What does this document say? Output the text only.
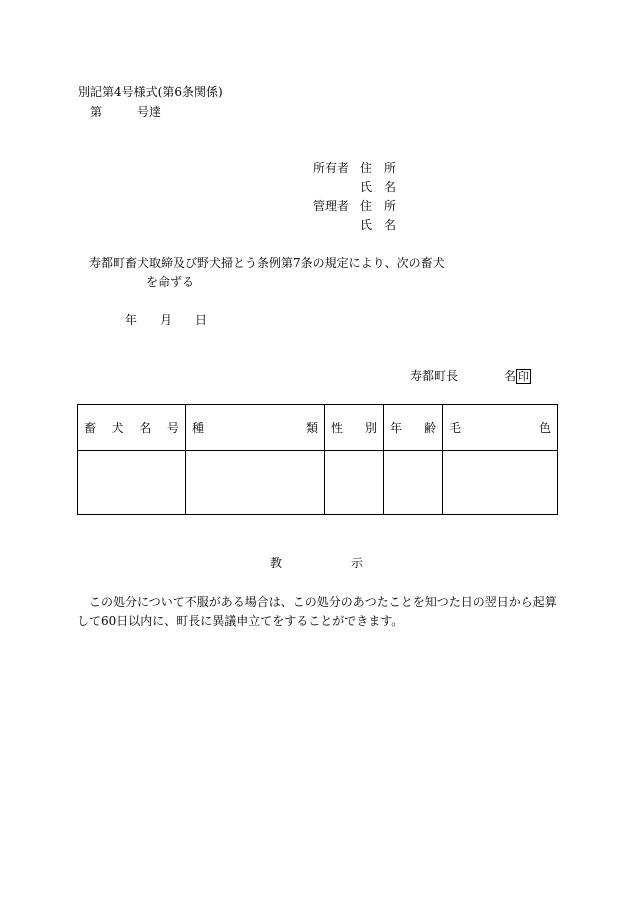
別記第4号様式(第6条関係)
第	号達
所有者 住 所
氏 名
管理者 住 所
氏 名
寿都町畜犬取締及び野犬掃とう条例第7条の規定により、次の畜犬
を命ずる
年 月 日
寿都町長	名 印
畜 犬 名 号	種 類	性 別	年 齢	毛 色

教	示
この処分について不服がある場合は、この処分のあつたことを知つた日の翌日から起算
して60日以内に、町長に異議申立てをすることができます。
